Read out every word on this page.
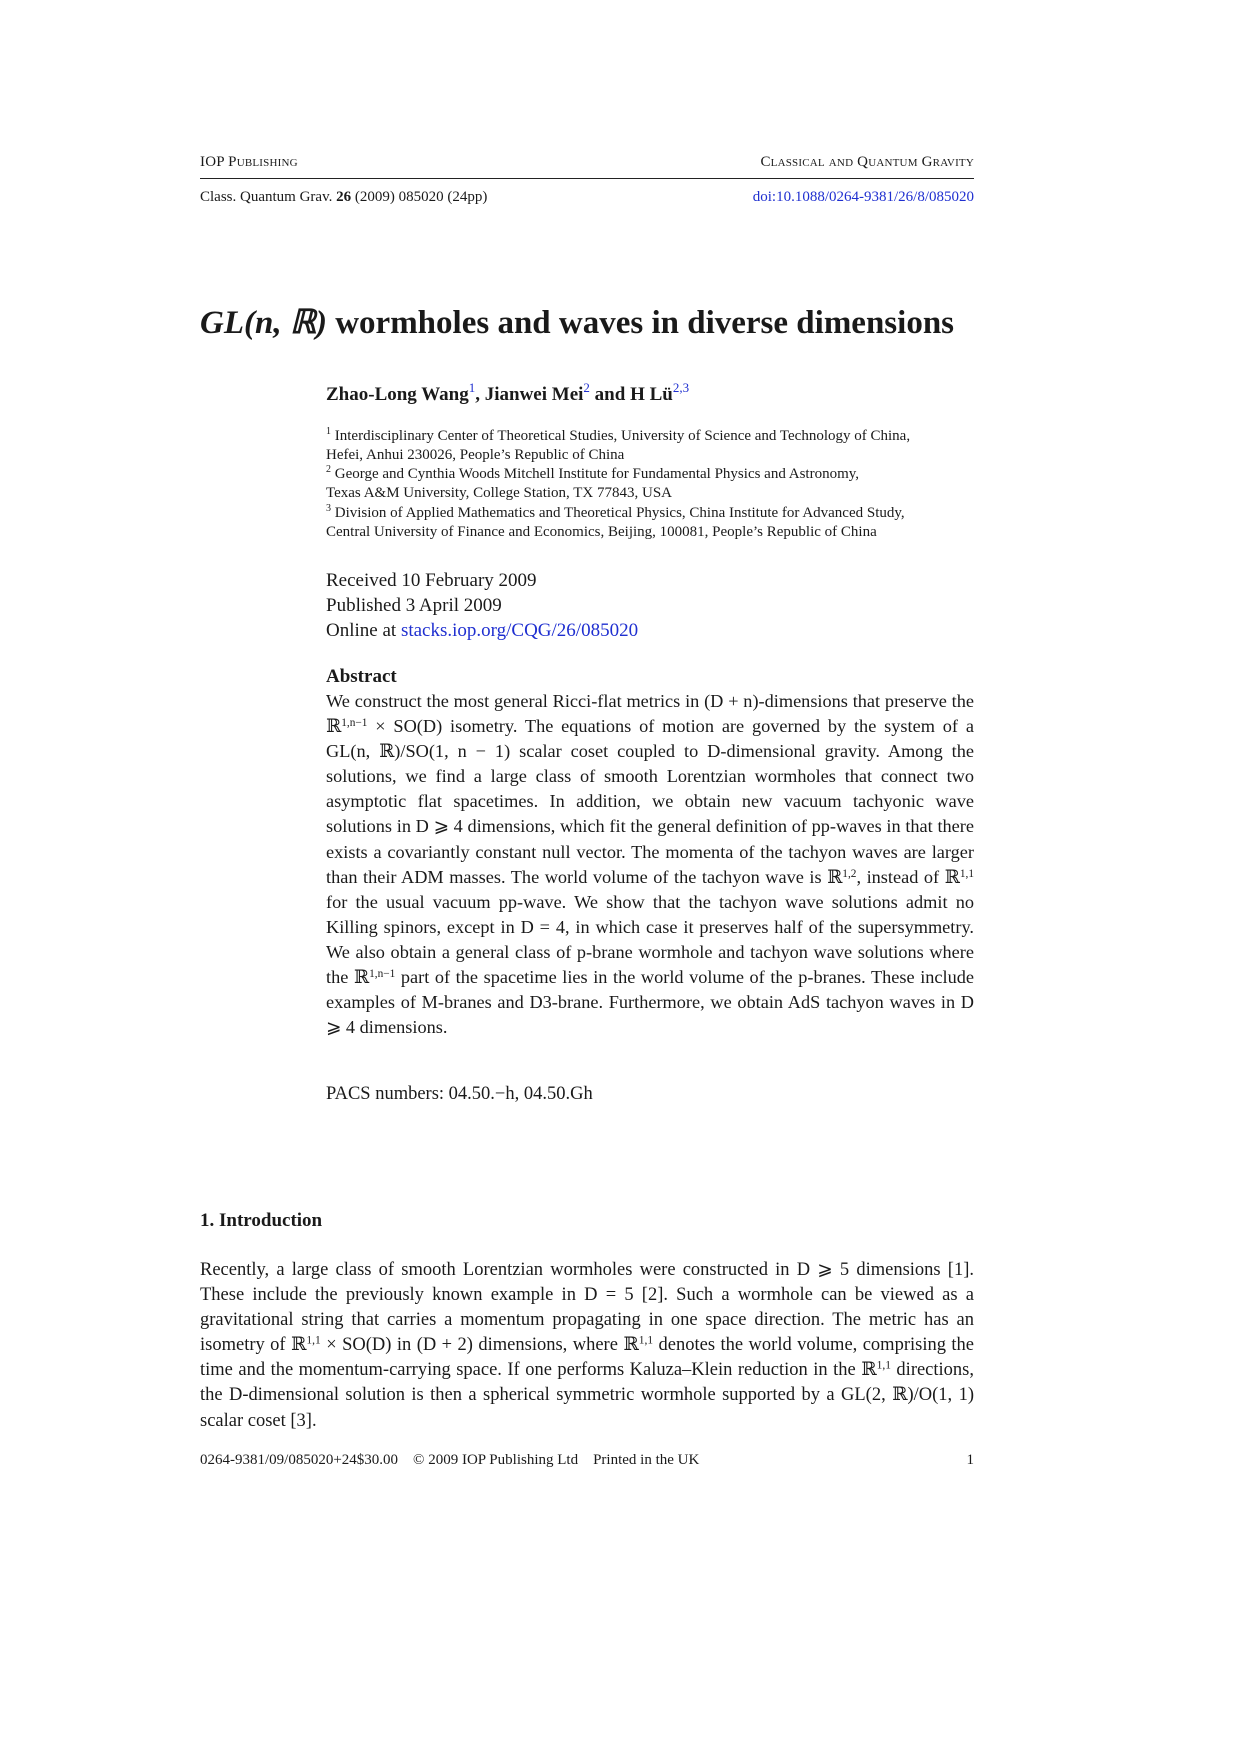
IOP Publishing	Classical and Quantum Gravity
Class. Quantum Grav. 26 (2009) 085020 (24pp)	doi:10.1088/0264-9381/26/8/085020
GL(n, ℝ) wormholes and waves in diverse dimensions
Zhao-Long Wang$^1$, Jianwei Mei$^2$ and H Lü$^{2,3}$

$^1$ Interdisciplinary Center of Theoretical Studies, University of Science and Technology of China,

Hefei, Anhui 230026, People’s Republic of China

$^2$ George and Cynthia Woods Mitchell Institute for Fundamental Physics and Astronomy,

Texas A&M University, College Station, TX 77843, USA

$^3$ Division of Applied Mathematics and Theoretical Physics, China Institute for Advanced Study,

Central University of Finance and Economics, Beijing, 100081, People’s Republic of China

Received 10 February 2009
Published 3 April 2009
Online at stacks.iop.org/CQG/26/085020
Abstract

We construct the most general Ricci-flat metrics in (D + n)-dimensions that preserve the ℝ$^{1,n-1}$ × SO(D) isometry. The equations of motion are governed by the system of a GL(n, ℝ)/SO(1, n − 1) scalar coset coupled to D-dimensional gravity. Among the solutions, we find a large class of smooth Lorentzian wormholes that connect two asymptotic flat spacetimes. In addition, we obtain new vacuum tachyonic wave solutions in D ⩾ 4 dimensions, which fit the general definition of pp-waves in that there exists a covariantly constant null vector. The momenta of the tachyon waves are larger than their ADM masses. The world volume of the tachyon wave is ℝ$^{1,2}$, instead of ℝ$^{1,1}$ for the usual vacuum pp-wave. We show that the tachyon wave solutions admit no Killing spinors, except in D = 4, in which case it preserves half of the supersymmetry. We also obtain a general class of p-brane wormhole and tachyon wave solutions where the ℝ$^{1,n-1}$ part of the spacetime lies in the world volume of the p-branes. These include examples of M-branes and D3-brane. Furthermore, we obtain AdS tachyon waves in D ⩾ 4 dimensions.

PACS numbers: 04.50.−h, 04.50.Gh
1. Introduction

Recently, a large class of smooth Lorentzian wormholes were constructed in D ⩾ 5 dimensions [1]. These include the previously known example in D = 5 [2]. Such a wormhole can be viewed as a gravitational string that carries a momentum propagating in one space direction. The metric has an isometry of ℝ$^{1,1}$ × SO(D) in (D + 2) dimensions, where ℝ$^{1,1}$ denotes the world volume, comprising the time and the momentum-carrying space. If one performs Kaluza–Klein reduction in the ℝ$^{1,1}$ directions, the D-dimensional solution is then a spherical symmetric wormhole supported by a GL(2, ℝ)/O(1, 1) scalar coset [3].

0264-9381/09/085020+24$30.00 © 2009 IOP Publishing Ltd Printed in the UK	1
